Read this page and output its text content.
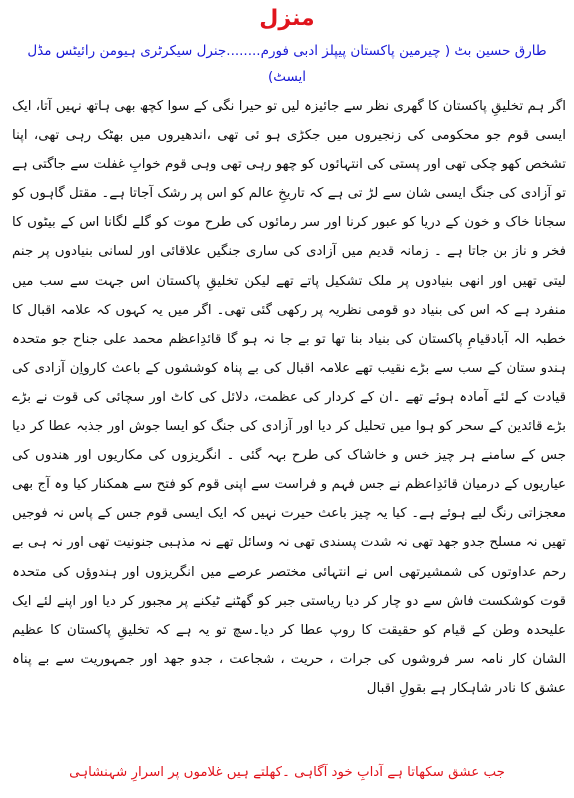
منزل

طارق حسین بٹ ( چیرمین پاکستان پیپلز ادبی فورم........جنرل سیکرٹری ہیومن رائیٹس مڈل ایسٹ)

اگر ہم تخلیقِ پاکستان کا گھری نظر سے جائیزہ لیں تو حیرا نگی کے سوا کچھ بھی ہاتھ نہیں آتا، ایک ایسی قوم جو محکومی کی زنجیروں میں جکڑی ہو ئی تھی ،اندھیروں میں بھٹک رہی تھی، اپنا تشخص کھو چکی تھی اور پستی کی انتہائوں کو چھو رہی تھی وہی قوم خوابِ غفلت سے جاگتی ہے تو آزادی کی جنگ ایسی شان سے لڑ تی ہے کہ تاریخِ عالم کو اس پر رشک آجاتا ہے۔ مقتل گاہوں کو سجانا خاک و خون کے دریا کو عبور کرنا اور سر رمائوں کی طرح موت کو گلے لگانا اس کے بیٹوں کا فخر و ناز بن جاتا ہے ۔ زمانہ قدیم میں آزادی کی ساری جنگیں علاقائی اور لسانی بنیادوں پر جنم لیتی تھیں اور انھی بنیادوں پر ملک تشکیل پاتے تھے لیکن تخلیقِ پاکستان اس جہت سے سب میں منفرد ہے کہ اس کی بنیاد دو قومی نظریہ پر رکھی گئی تھی۔ اگر میں یہ کہوں کہ علامہ اقبال کا خطبہ الہ آبادقیامِ پاکستان کی بنیاد بنا تھا تو بے جا نہ ہو گا قائدِاعظم محمد علی جناح جو متحدہ ہندو ستان کے سب سے بڑے نقیب تھے علامہ اقبال کی بے پناہ کوششوں کے باعث کارواِن آزادی کی قیادت کے لئے آمادہ ہوئے تھے ۔ان کے کردار کی عظمت، دلائل کی کاٹ اور سچائی کی قوت نے بڑے بڑے قائدین کے سحر کو ہوا میں تحلیل کر دیا اور آزادی کی جنگ کو ایسا جوش اور جذبہ عطا کر دیا جس کے سامنے ہر چیز خس و خاشاک کی طرح بہہ گئی ۔ انگریزوں کی مکاریوں اور ھندوں کی عیاریوں کے درمیان قائدِاعظم نے جس فہم و فراست سے اپنی قوم کو فتح سے ھمکنار کیا وہ آج بھی معجزاتی رنگ لیے ہوئے ہے۔ کیا یہ چیز باعث حیرت نہیں کہ ایک ایسی قوم جس کے پاس نہ فوجیں تھیں نہ مسلح جدو جھد تھی نہ شدت پسندی تھی نہ وسائل تھے نہ مذہبی جنونیت تھی اور نہ ہی بے رحم عداوتوں کی شمشیرتھی اس نے انتہائی مختصر عرصے میں انگریزوں اور ہندوؤں کی متحدہ قوت کوشکست فاش سے دو چار کر دیا ریاستی جبر کو گھٹنے ٹیکنے پر مجبور کر دیا اور اپنے لئے ایک علیحدہ وطن کے قیام کو حقیقت کا روپ عطا کر دیا۔سچ تو یہ ہے کہ تخلیقِ پاکستان کا عظیم الشان کار نامہ سر فروشوں کی جرات ، حریت ، شجاعت ، جدو جھد اور جمہوریت سے بے پناہ عشق کا نادر شاہکار ہے بقولِ اقبال

جب عشق سکھاتا ہے آدابِ خود آگاہی ۔کھلتے ہیں غلاموں پر اسرارِ شہنشاہی
